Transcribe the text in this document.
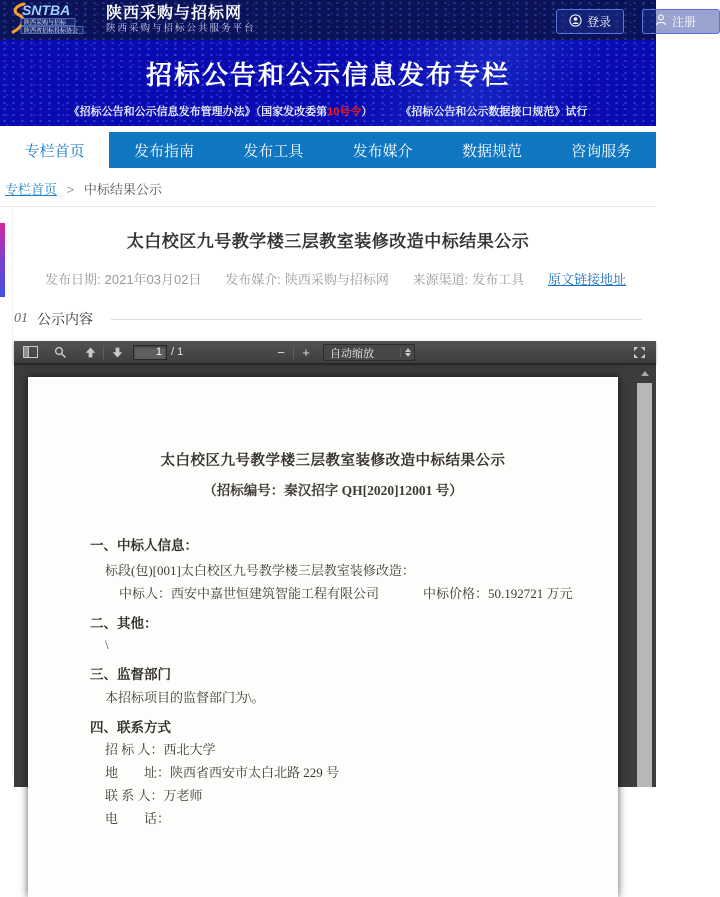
SNTBA
陕西采购与招标
陕西省招标投标协会
陕西采购与招标网
陕西采购与招标公共服务平台	登录	注册
招标公告和公示信息发布专栏
《招标公告和公示信息发布管理办法》（国家发改委第10号令）	《招标公告和公示数据接口规范》试行
专栏首页	发布指南	发布工具	发布媒介	数据规范	咨询服务
专栏首页 > 中标结果公示
太白校区九号教学楼三层教室装修改造中标结果公示
发布日期: 2021年03月02日 发布媒介: 陕西采购与招标网 来源渠道: 发布工具 原文链接地址
01 公示内容
1
/ 1	−	+	自动缩放
太白校区九号教学楼三层教室装修改造中标结果公示
（招标编号：秦汉招字 QH[2020]12001 号）
一、中标人信息：
标段(包)[001]太白校区九号教学楼三层教室装修改造：
中标人：西安中嘉世恒建筑智能工程有限公司	中标价格：50.192721 万元
二、其他：
\
三、监督部门
本招标项目的监督部门为\。
四、联系方式
招 标 人：西北大学
地　　址：陕西省西安市太白北路 229 号
联 系 人：万老师
电　　话：
